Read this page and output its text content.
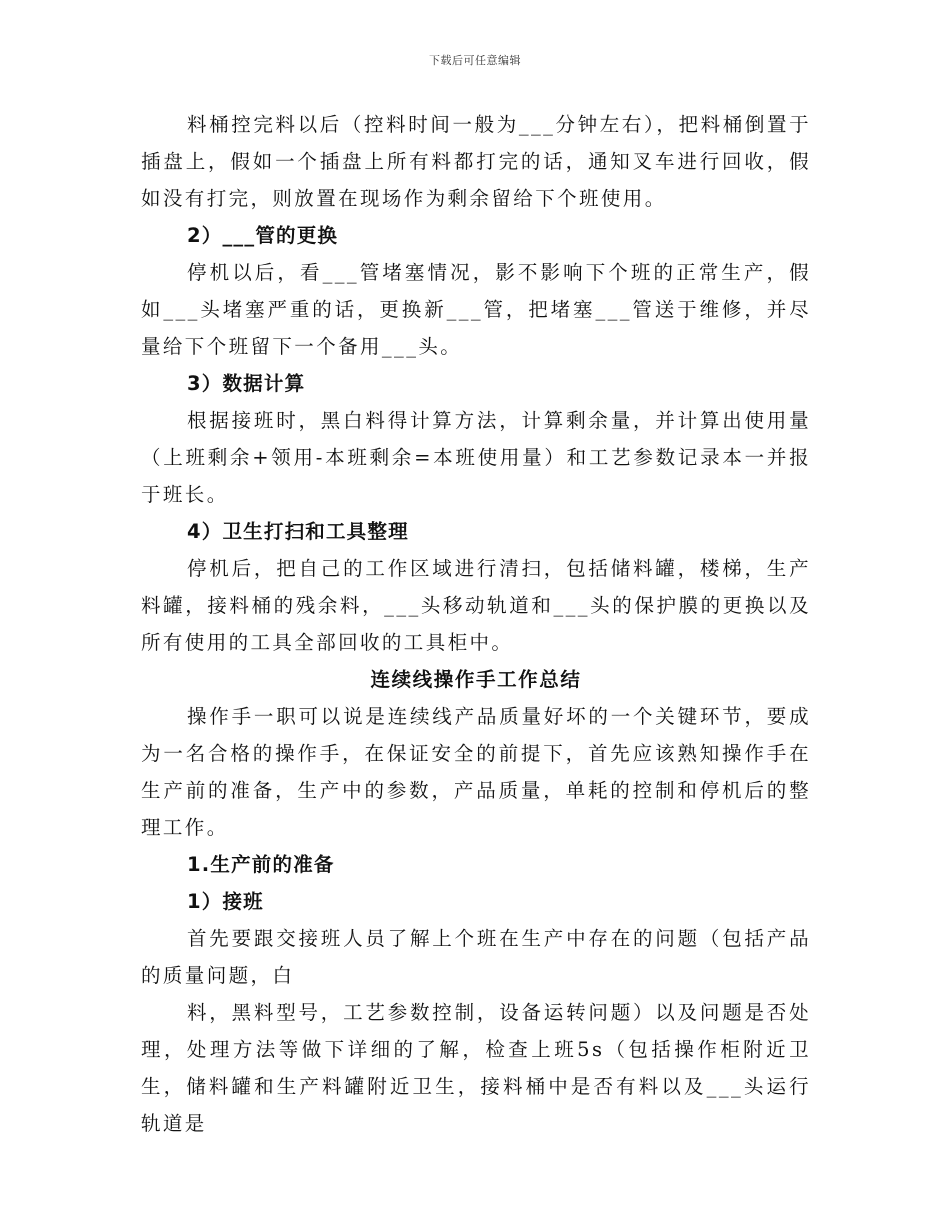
下载后可任意编辑

料桶控完料以后（控料时间一般为___分钟左右），把料桶倒置于插盘上，假如一个插盘上所有料都打完的话，通知叉车进行回收，假如没有打完，则放置在现场作为剩余留给下个班使用。

2）___管的更换

停机以后，看___管堵塞情况，影不影响下个班的正常生产，假如___头堵塞严重的话，更换新___管，把堵塞___管送于维修，并尽量给下个班留下一个备用___头。

3）数据计算

根据接班时，黑白料得计算方法，计算剩余量，并计算出使用量（上班剩余+领用-本班剩余=本班使用量）和工艺参数记录本一并报于班长。

4）卫生打扫和工具整理

停机后，把自己的工作区域进行清扫，包括储料罐，楼梯，生产料罐，接料桶的残余料，___头移动轨道和___头的保护膜的更换以及所有使用的工具全部回收的工具柜中。

连续线操作手工作总结

操作手一职可以说是连续线产品质量好坏的一个关键环节，要成为一名合格的操作手，在保证安全的前提下，首先应该熟知操作手在生产前的准备，生产中的参数，产品质量，单耗的控制和停机后的整理工作。

1.生产前的准备

1）接班

首先要跟交接班人员了解上个班在生产中存在的问题（包括产品的质量问题，白

料，黑料型号，工艺参数控制，设备运转问题）以及问题是否处理，处理方法等做下详细的了解，检查上班5s（包括操作柜附近卫生，储料罐和生产料罐附近卫生，接料桶中是否有料以及___头运行轨道是
